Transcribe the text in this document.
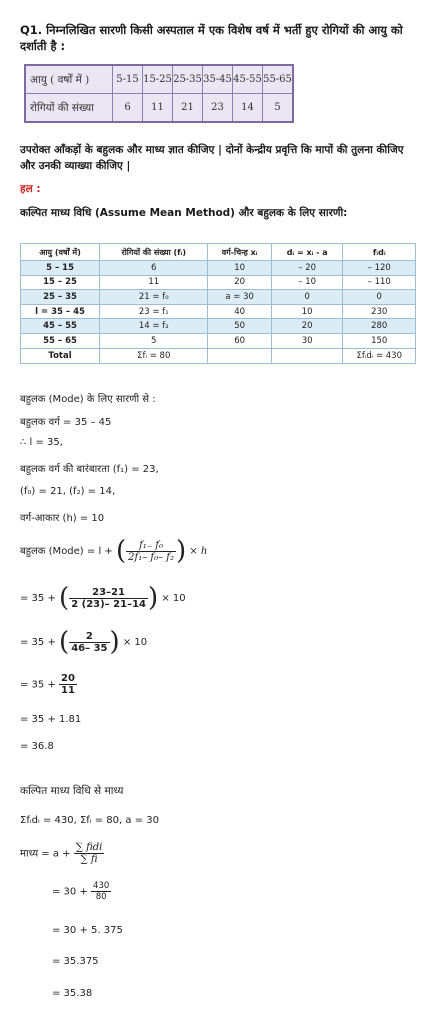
Q1. निम्नलिखित सारणी किसी अस्पताल में एक विशेष वर्ष में भर्ती हुए रोगियों की आयु को दर्शाती है :
आयु ( वर्षों में )	5-15	15-25	25-35	35-45	45-55	55-65
रोगियों की संख्या	6	11	21	23	14	5
उपरोक्त आँकड़ों के बहुलक और माध्य ज्ञात कीजिए | दोनों केन्द्रीय प्रवृत्ति कि मापों की तुलना कीजिए और उनकी व्याख्या कीजिए |
हल :
कल्पित माध्य विधि (Assume Mean Method) और बहुलक के लिए सारणी:
आयु (वर्षों में)	रोगियों की संख्या (fᵢ)	वर्ग-चिन्ह xᵢ	dᵢ = xᵢ - a	fᵢdᵢ
5 – 15	6	10	– 20	– 120
15 – 25	11	20	– 10	– 110
25 – 35	21 = f₀	a = 30	0	0
l = 35 – 45	23 = f₁	40	10	230
45 – 55	14 = f₂	50	20	280
55 – 65	5	60	30	150
Total	Σfᵢ = 80			Σfᵢdᵢ = 430
बहुलक (Mode) के लिए सारणी से :
बहुलक वर्ग = 35 – 45
∴ l = 35,
बहुलक वर्ग की बारंबारता (f₁) = 23,
(f₀) = 21, (f₂) = 14,
वर्ग-आकार (h) = 10
बहुलक (Mode) = l + ( $\frac{\text{f₁₋ f₀}}{\text{2f₁– f₀– f₂}}$ ) × h
= 35 + ( $\frac{23-21}{2 (23)- 21-14}$ ) × 10
= 35 + ( $\frac{2}{46- 35}$ ) × 10
= $35 + \frac{20}{11}$
= 35 + 1.81
= 36.8
कल्पित माध्य विधि से माध्य
Σfᵢdᵢ = 430, Σfᵢ = 80, a = 30
माध्य = $a + \frac{\text{∑ fidi}}{\sum fi}$
= $30 + \frac{430}{80}$
= 30 + 5. 375
= 35.375
= 35.38
